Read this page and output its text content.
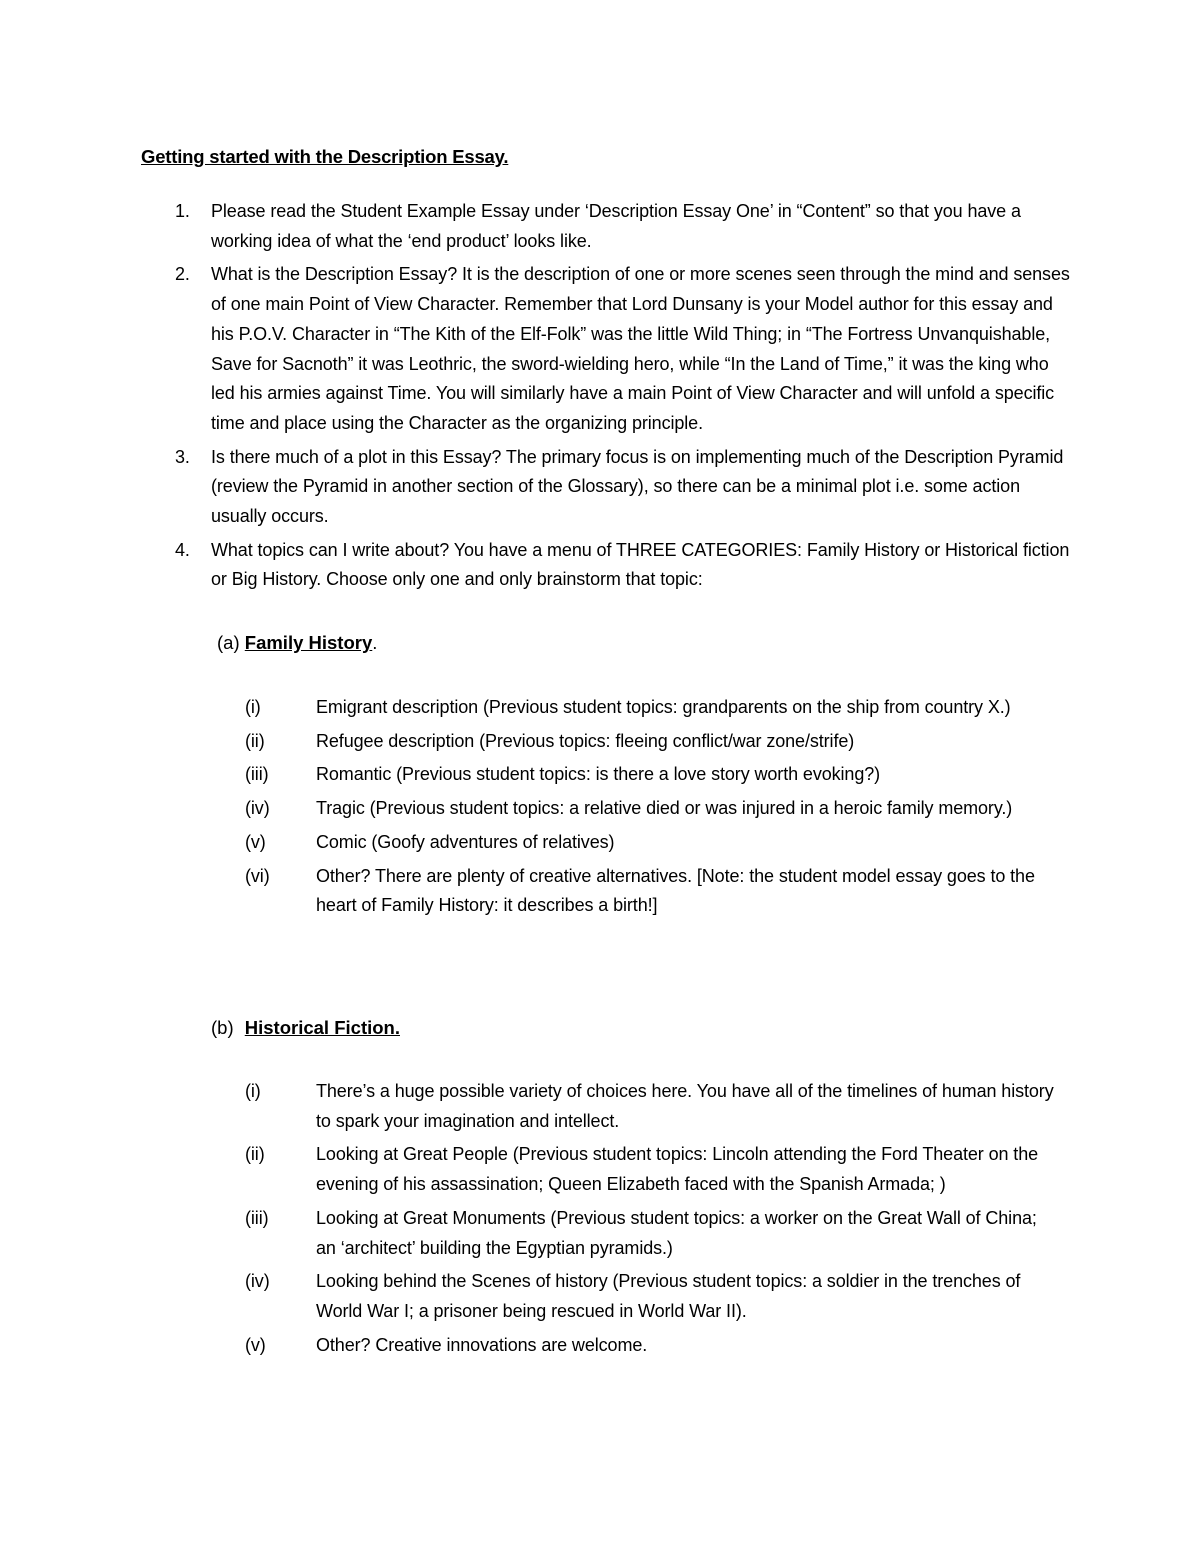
Getting started with the Description Essay.
1. Please read the Student Example Essay under ‘Description Essay One’ in “Content” so that you have a working idea of what the ‘end product’ looks like.
2. What is the Description Essay? It is the description of one or more scenes seen through the mind and senses of one main Point of View Character. Remember that Lord Dunsany is your Model author for this essay and his P.O.V. Character in “The Kith of the Elf-Folk” was the little Wild Thing; in “The Fortress Unvanquishable, Save for Sacnoth” it was Leothric, the sword-wielding hero, while “In the Land of Time,” it was the king who led his armies against Time. You will similarly have a main Point of View Character and will unfold a specific time and place using the Character as the organizing principle.
3. Is there much of a plot in this Essay? The primary focus is on implementing much of the Description Pyramid (review the Pyramid in another section of the Glossary), so there can be a minimal plot i.e. some action usually occurs.
4. What topics can I write about? You have a menu of THREE CATEGORIES: Family History or Historical fiction or Big History. Choose only one and only brainstorm that topic:
(a) Family History.
(i)	Emigrant description (Previous student topics: grandparents on the ship from country X.)
(ii)	Refugee description (Previous topics: fleeing conflict/war zone/strife)
(iii)	Romantic (Previous student topics: is there a love story worth evoking?)
(iv)	Tragic (Previous student topics: a relative died or was injured in a heroic family memory.)
(v)	Comic (Goofy adventures of relatives)
(vi)	Other? There are plenty of creative alternatives. [Note: the student model essay goes to the heart of Family History: it describes a birth!]
(b) Historical Fiction.
(i)	There’s a huge possible variety of choices here. You have all of the timelines of human history to spark your imagination and intellect.
(ii)	Looking at Great People (Previous student topics: Lincoln attending the Ford Theater on the evening of his assassination; Queen Elizabeth faced with the Spanish Armada; )
(iii)	Looking at Great Monuments (Previous student topics: a worker on the Great Wall of China; an ‘architect’ building the Egyptian pyramids.)
(iv)	Looking behind the Scenes of history (Previous student topics: a soldier in the trenches of World War I; a prisoner being rescued in World War II).
(v)	Other? Creative innovations are welcome.
